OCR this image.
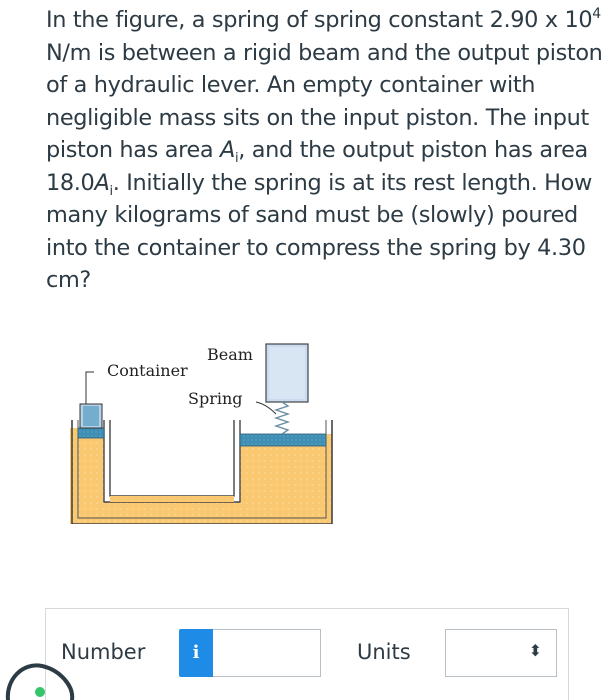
In the figure, a spring of spring constant 2.90 x $10^4$
N/m is between a rigid beam and the output piston
of a hydraulic lever. An empty container with
negligible mass sits on the input piston. The input
piston has area $A_i$, and the output piston has area
$18.0A_i$. Initially the spring is at its rest length. How
many kilograms of sand must be (slowly) poured
into the container to compress the spring by 4.30
cm?
Beam
Container
Spring
Number	i	Units	⬍
